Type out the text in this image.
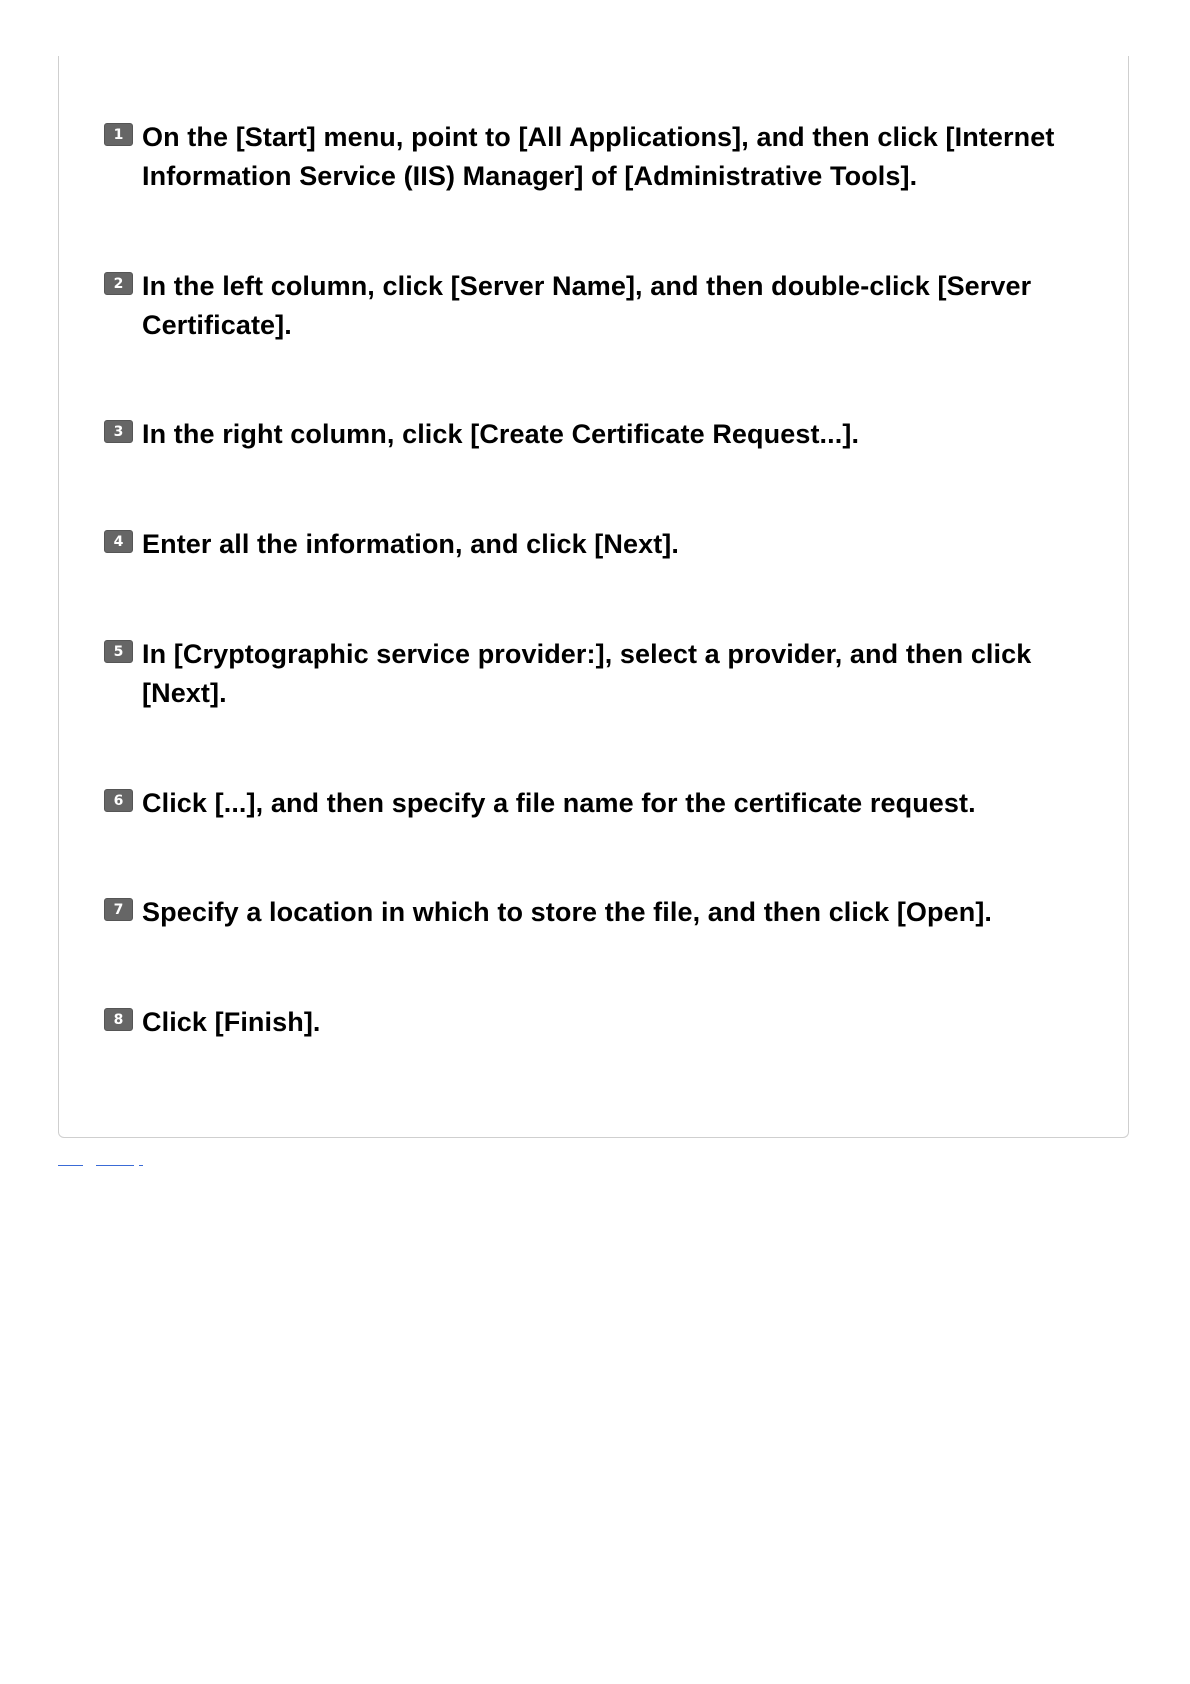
1 On the [Start] menu, point to [All Applications], and then click [Internet Information Service (IIS) Manager] of [Administrative Tools].
2 In the left column, click [Server Name], and then double-click [Server Certificate].
3 In the right column, click [Create Certificate Request...].
4 Enter all the information, and click [Next].
5 In [Cryptographic service provider:], select a provider, and then click [Next].
6 Click [...], and then specify a file name for the certificate request.
7 Specify a location in which to store the file, and then click [Open].
8 Click [Finish].
